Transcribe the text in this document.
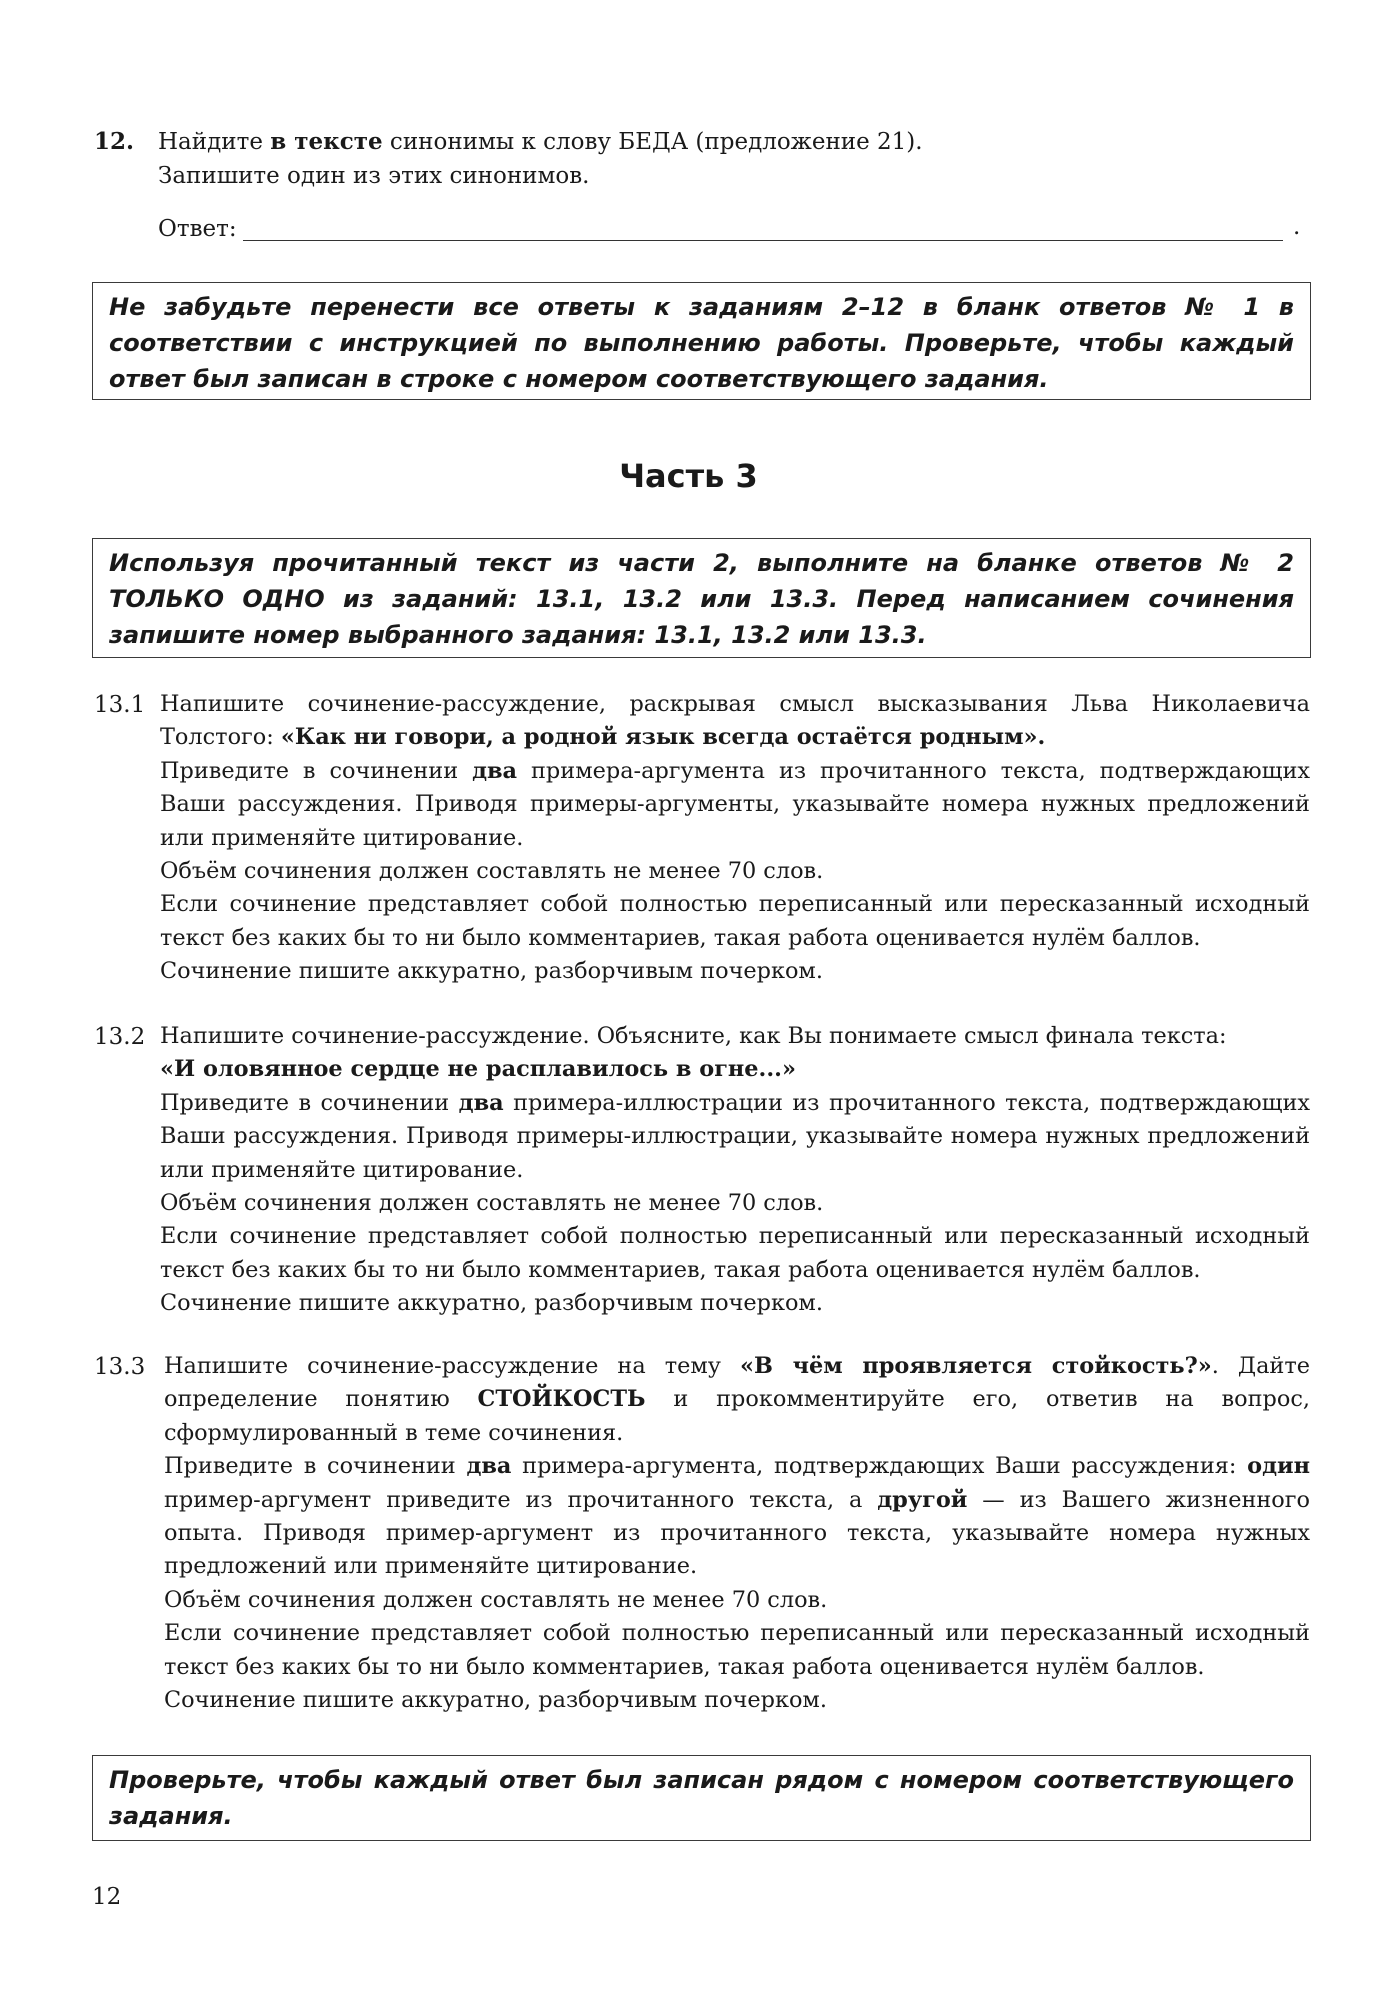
12. Найдите в тексте синонимы к слову БЕДА (предложение 21).
Запишите один из этих синонимов.
Ответ:	.
Не забудьте перенести все ответы к заданиям 2–12 в бланк ответов № 1 в соответствии с инструкцией по выполнению работы. Проверьте, чтобы каждый ответ был записан в строке с номером соответствующего задания.
Часть 3
Используя прочитанный текст из части 2, выполните на бланке ответов № 2 ТОЛЬКО ОДНО из заданий: 13.1, 13.2 или 13.3. Перед написанием сочинения запишите номер выбранного задания: 13.1, 13.2 или 13.3.
13.1 Напишите сочинение-рассуждение, раскрывая смысл высказывания Льва Николаевича Толстого: «Как ни говори, а родной язык всегда остаётся родным».

Приведите в сочинении два примера-аргумента из прочитанного текста, подтверждающих Ваши рассуждения. Приводя примеры-аргументы, указывайте номера нужных предложений или применяйте цитирование.

Объём сочинения должен составлять не менее 70 слов.

Если сочинение представляет собой полностью переписанный или пересказанный исходный текст без каких бы то ни было комментариев, такая работа оценивается нулём баллов.

Сочинение пишите аккуратно, разборчивым почерком.

13.2 Напишите сочинение-рассуждение. Объясните, как Вы понимаете смысл финала текста:

«И оловянное сердце не расплавилось в огне...»

Приведите в сочинении два примера-иллюстрации из прочитанного текста, подтверждающих Ваши рассуждения. Приводя примеры-иллюстрации, указывайте номера нужных предложений или применяйте цитирование.

Объём сочинения должен составлять не менее 70 слов.

Если сочинение представляет собой полностью переписанный или пересказанный исходный текст без каких бы то ни было комментариев, такая работа оценивается нулём баллов.

Сочинение пишите аккуратно, разборчивым почерком.

13.3 Напишите сочинение-рассуждение на тему «В чём проявляется стойкость?». Дайте определение понятию СТОЙКОСТЬ и прокомментируйте его, ответив на вопрос, сформулированный в теме сочинения.

Приведите в сочинении два примера-аргумента, подтверждающих Ваши рассуждения: один пример-аргумент приведите из прочитанного текста, а другой — из Вашего жизненного опыта. Приводя пример-аргумент из прочитанного текста, указывайте номера нужных предложений или применяйте цитирование.

Объём сочинения должен составлять не менее 70 слов.

Если сочинение представляет собой полностью переписанный или пересказанный исходный текст без каких бы то ни было комментариев, такая работа оценивается нулём баллов.

Сочинение пишите аккуратно, разборчивым почерком.

Проверьте, чтобы каждый ответ был записан рядом с номером соответствующего задания.
12
